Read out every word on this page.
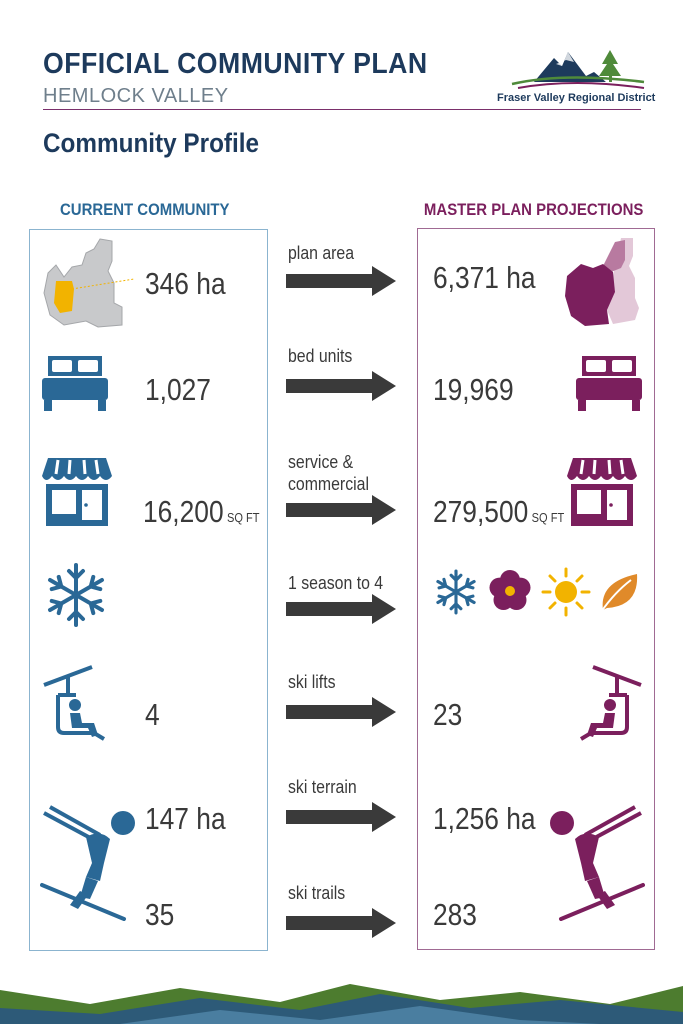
OFFICIAL COMMUNITY PLAN
HEMLOCK VALLEY	Fraser Valley Regional District
Community Profile
CURRENT COMMUNITY	MASTER PLAN PROJECTIONS
346 ha
plan area
6,371 ha
1,027
bed units
19,969
16,200 SQ FT
service &
commercial
279,500 SQ FT
1 season to 4
4
ski lifts
23
147 ha
ski terrain
1,256 ha
35
ski trails
283
